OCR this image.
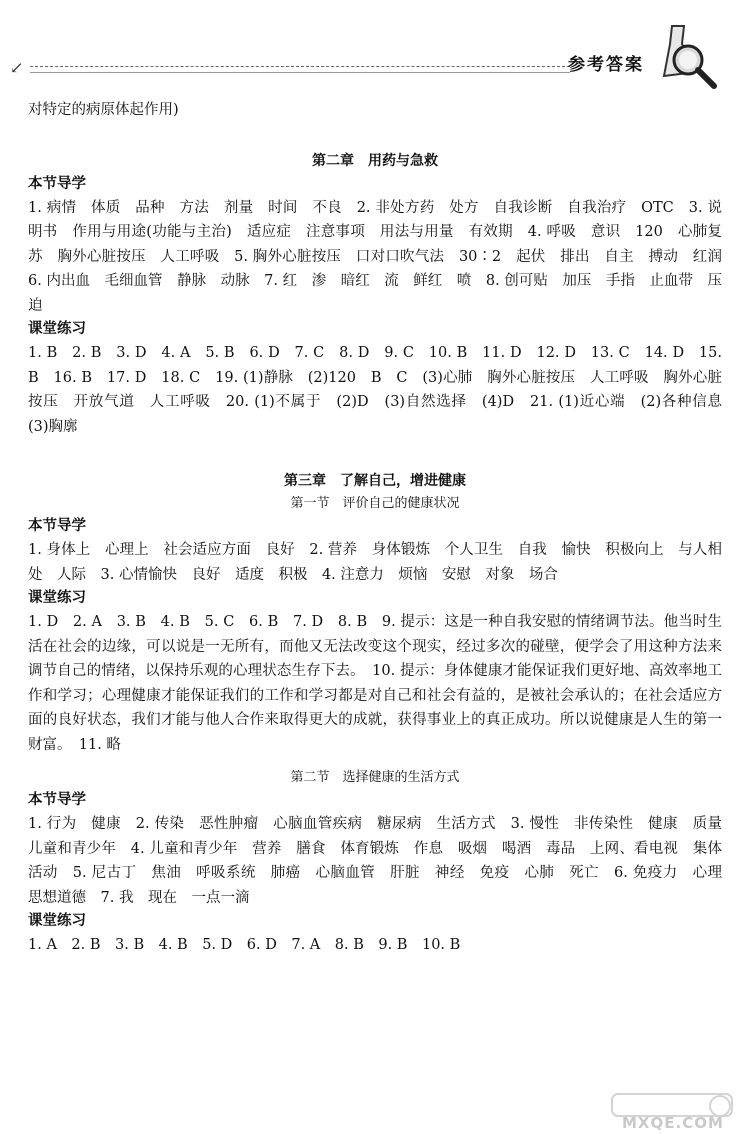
↙	参考答案

对特定的病原体起作用)

第二章　用药与急救

本节导学

1. 病情　体质　品种　方法　剂量　时间　不良　2. 非处方药　处方　自我诊断　自我治疗　OTC　3. 说明书　作用与用途(功能与主治)　适应症　注意事项　用法与用量　有效期　4. 呼吸　意识　120　心肺复苏　胸外心脏按压　人工呼吸　5. 胸外心脏按压　口对口吹气法　30∶2　起伏　排出　自主　搏动　红润　6. 内出血　毛细血管　静脉　动脉　7. 红　渗　暗红　流　鲜红　喷　8. 创可贴　加压　手指　止血带　压迫

课堂练习

1. B　2. B　3. D　4. A　5. B　6. D　7. C　8. D　9. C　10. B　11. D　12. D　13. C　14. D　15. B　16. B　17. D　18. C　19. (1)静脉　(2)120　B　C　(3)心肺　胸外心脏按压　人工呼吸　胸外心脏按压　开放气道　人工呼吸　20. (1)不属于　(2)D　(3)自然选择　(4)D　21. (1)近心端　(2)各种信息　(3)胸廓

第三章　了解自己，增进健康

第一节　评价自己的健康状况

本节导学

1. 身体上　心理上　社会适应方面　良好　2. 营养　身体锻炼　个人卫生　自我　愉快　积极向上　与人相处　人际　3. 心情愉快　良好　适度　积极　4. 注意力　烦恼　安慰　对象　场合

课堂练习

1. D　2. A　3. B　4. B　5. C　6. B　7. D　8. B　9. 提示：这是一种自我安慰的情绪调节法。他当时生活在社会的边缘，可以说是一无所有，而他又无法改变这个现实，经过多次的碰壁，便学会了用这种方法来调节自己的情绪，以保持乐观的心理状态生存下去。　10. 提示：身体健康才能保证我们更好地、高效率地工作和学习；心理健康才能保证我们的工作和学习都是对自己和社会有益的，是被社会承认的；在社会适应方面的良好状态，我们才能与他人合作来取得更大的成就，获得事业上的真正成功。所以说健康是人生的第一财富。　11. 略

第二节　选择健康的生活方式

本节导学

1. 行为　健康　2. 传染　恶性肿瘤　心脑血管疾病　糖尿病　生活方式　3. 慢性　非传染性　健康　质量　儿童和青少年　4. 儿童和青少年　营养　膳食　体育锻炼　作息　吸烟　喝酒　毒品　上网、看电视　集体活动　5. 尼古丁　焦油　呼吸系统　肺癌　心脑血管　肝脏　神经　免疫　心肺　死亡　6. 免疫力　心理　思想道德　7. 我　现在　一点一滴

课堂练习

1. A　2. B　3. B　4. B　5. D　6. D　7. A　8. B　9. B　10. B

MXQE.COM
